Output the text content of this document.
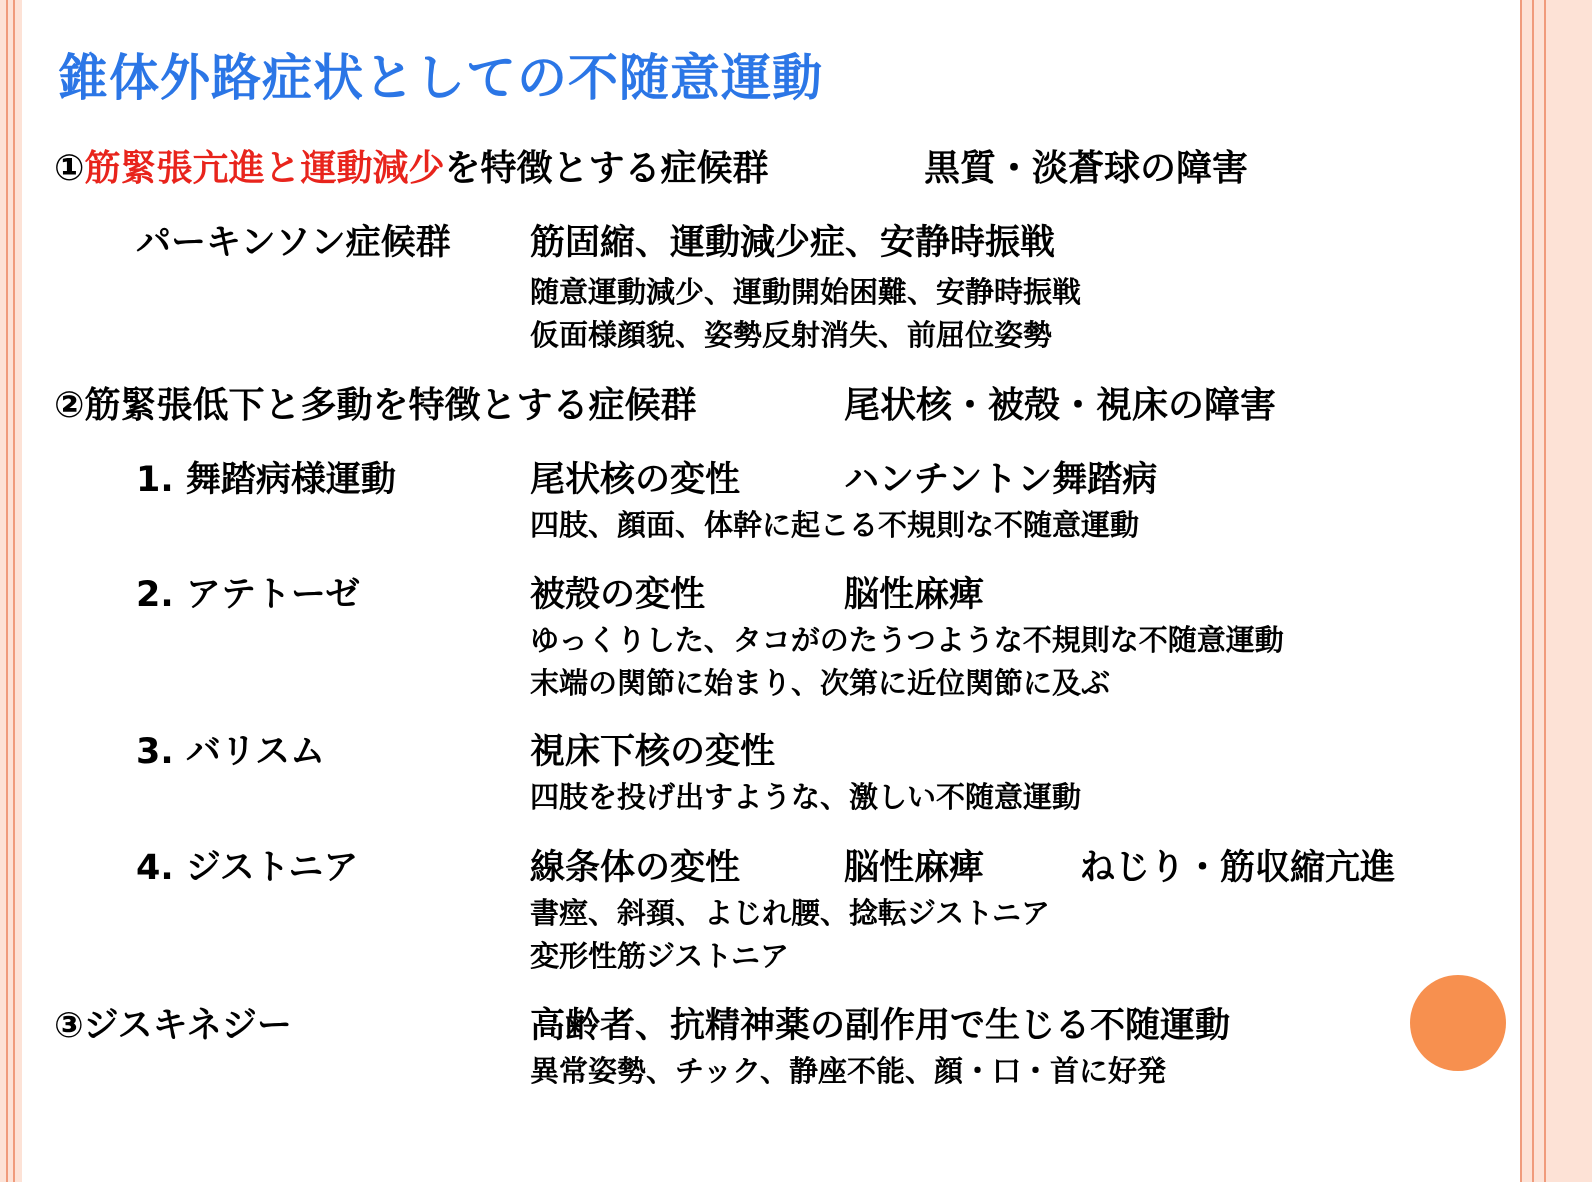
錐体外路症状としての不随意運動
①筋緊張亢進と運動減少を特徴とする症候群	黒質・淡蒼球の障害
パーキンソン症候群 筋固縮、運動減少症、安静時振戦
随意運動減少、運動開始困難、安静時振戦
仮面様顔貌、姿勢反射消失、前屈位姿勢
②筋緊張低下と多動を特徴とする症候群	尾状核・被殻・視床の障害
1. 舞踏病様運動	尾状核の変性	ハンチントン舞踏病
四肢、顔面、体幹に起こる不規則な不随意運動
2. アテトーゼ	被殻の変性	脳性麻痺
ゆっくりした、タコがのたうつような不規則な不随意運動
末端の関節に始まり、次第に近位関節に及ぶ
3. バリスム	視床下核の変性
四肢を投げ出すような、激しい不随意運動
4. ジストニア	線条体の変性	脳性麻痺	ねじり・筋収縮亢進
書痙、斜頚、よじれ腰、捻転ジストニア
変形性筋ジストニア
③ジスキネジー	高齢者、抗精神薬の副作用で生じる不随運動
異常姿勢、チック、静座不能、顔・口・首に好発
